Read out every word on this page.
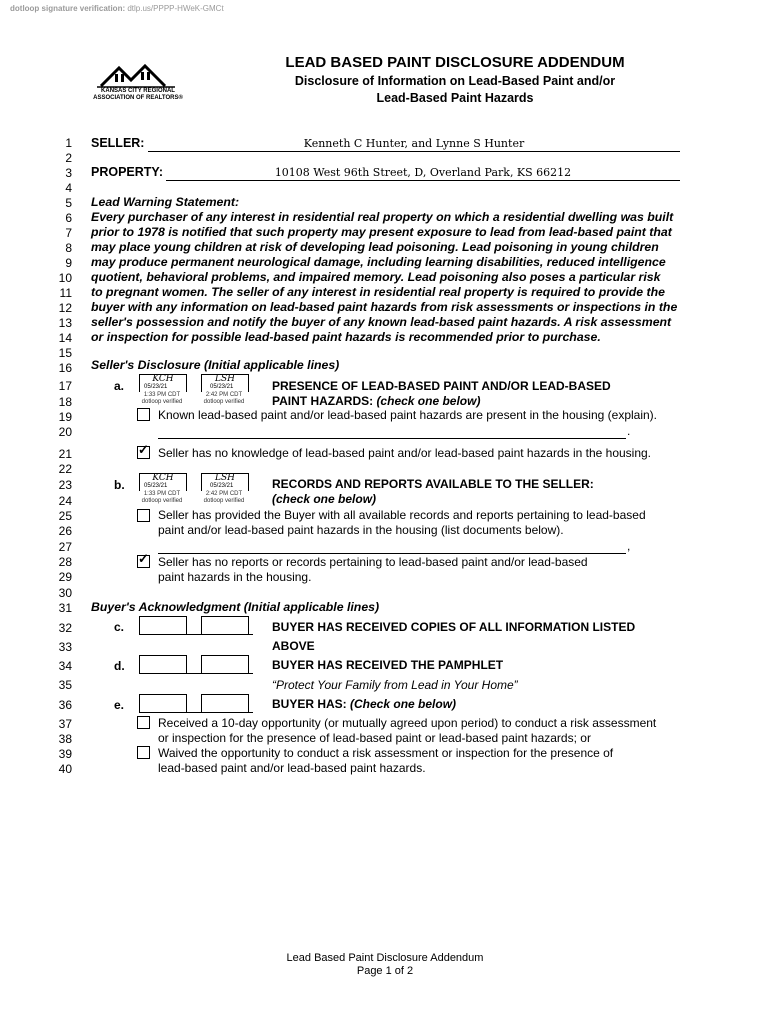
dotloop signature verification: dtlp.us/PPPP-HWeK-GMCt
KANSAS CITY REGIONAL
ASSOCIATION OF REALTORS®
LEAD BASED PAINT DISCLOSURE ADDENDUM
Disclosure of Information on Lead-Based Paint and/or
Lead-Based Paint Hazards
1
2
3
4
5
6
7
8
9
10
11
12
13
14
15
16
17
18
19
20
21
22
23
24
25
26
27
28
29
30
31
32
33
34
35
36
37
38
39
40
SELLER:	Kenneth C Hunter, and Lynne S Hunter
PROPERTY:	10108 West 96th Street, D, Overland Park, KS 66212
Lead Warning Statement:
Every purchaser of any interest in residential real property on which a residential dwelling was built
prior to 1978 is notified that such property may present exposure to lead from lead-based paint that
may place young children at risk of developing lead poisoning. Lead poisoning in young children
may produce permanent neurological damage, including learning disabilities, reduced intelligence
quotient, behavioral problems, and impaired memory. Lead poisoning also poses a particular risk
to pregnant women. The seller of any interest in residential real property is required to provide the
buyer with any information on lead-based paint hazards from risk assessments or inspections in the
seller's possession and notify the buyer of any known lead-based paint hazards. A risk assessment
or inspection for possible lead-based paint hazards is recommended prior to purchase.
Seller's Disclosure (Initial applicable lines)
a.	KCH
05/23/21
1:33 PM CDT
dotloop verified
LSH
05/23/21
2:42 PM CDT
dotloop verified
PRESENCE OF LEAD-BASED PAINT AND/OR LEAD-BASED
PAINT HAZARDS: (check one below)
Known lead-based paint and/or lead-based paint hazards are present in the housing (explain).
.
✓ Seller has no knowledge of lead-based paint and/or lead-based paint hazards in the housing.
b.	KCH
05/23/21
1:33 PM CDT
dotloop verified
LSH
05/23/21
2:42 PM CDT
dotloop verified
RECORDS AND REPORTS AVAILABLE TO THE SELLER:
(check one below)
Seller has provided the Buyer with all available records and reports pertaining to lead-based
paint and/or lead-based paint hazards in the housing (list documents below).
,
✓ Seller has no reports or records pertaining to lead-based paint and/or lead-based
paint hazards in the housing.
Buyer's Acknowledgment (Initial applicable lines)
c.	BUYER HAS RECEIVED COPIES OF ALL INFORMATION LISTED
ABOVE
d.	BUYER HAS RECEIVED THE PAMPHLET
“Protect Your Family from Lead in Your Home”
e.	BUYER HAS: (Check one below)
Received a 10-day opportunity (or mutually agreed upon period) to conduct a risk assessment
or inspection for the presence of lead-based paint or lead-based paint hazards; or
Waived the opportunity to conduct a risk assessment or inspection for the presence of
lead-based paint and/or lead-based paint hazards.
Lead Based Paint Disclosure Addendum
Page 1 of 2
